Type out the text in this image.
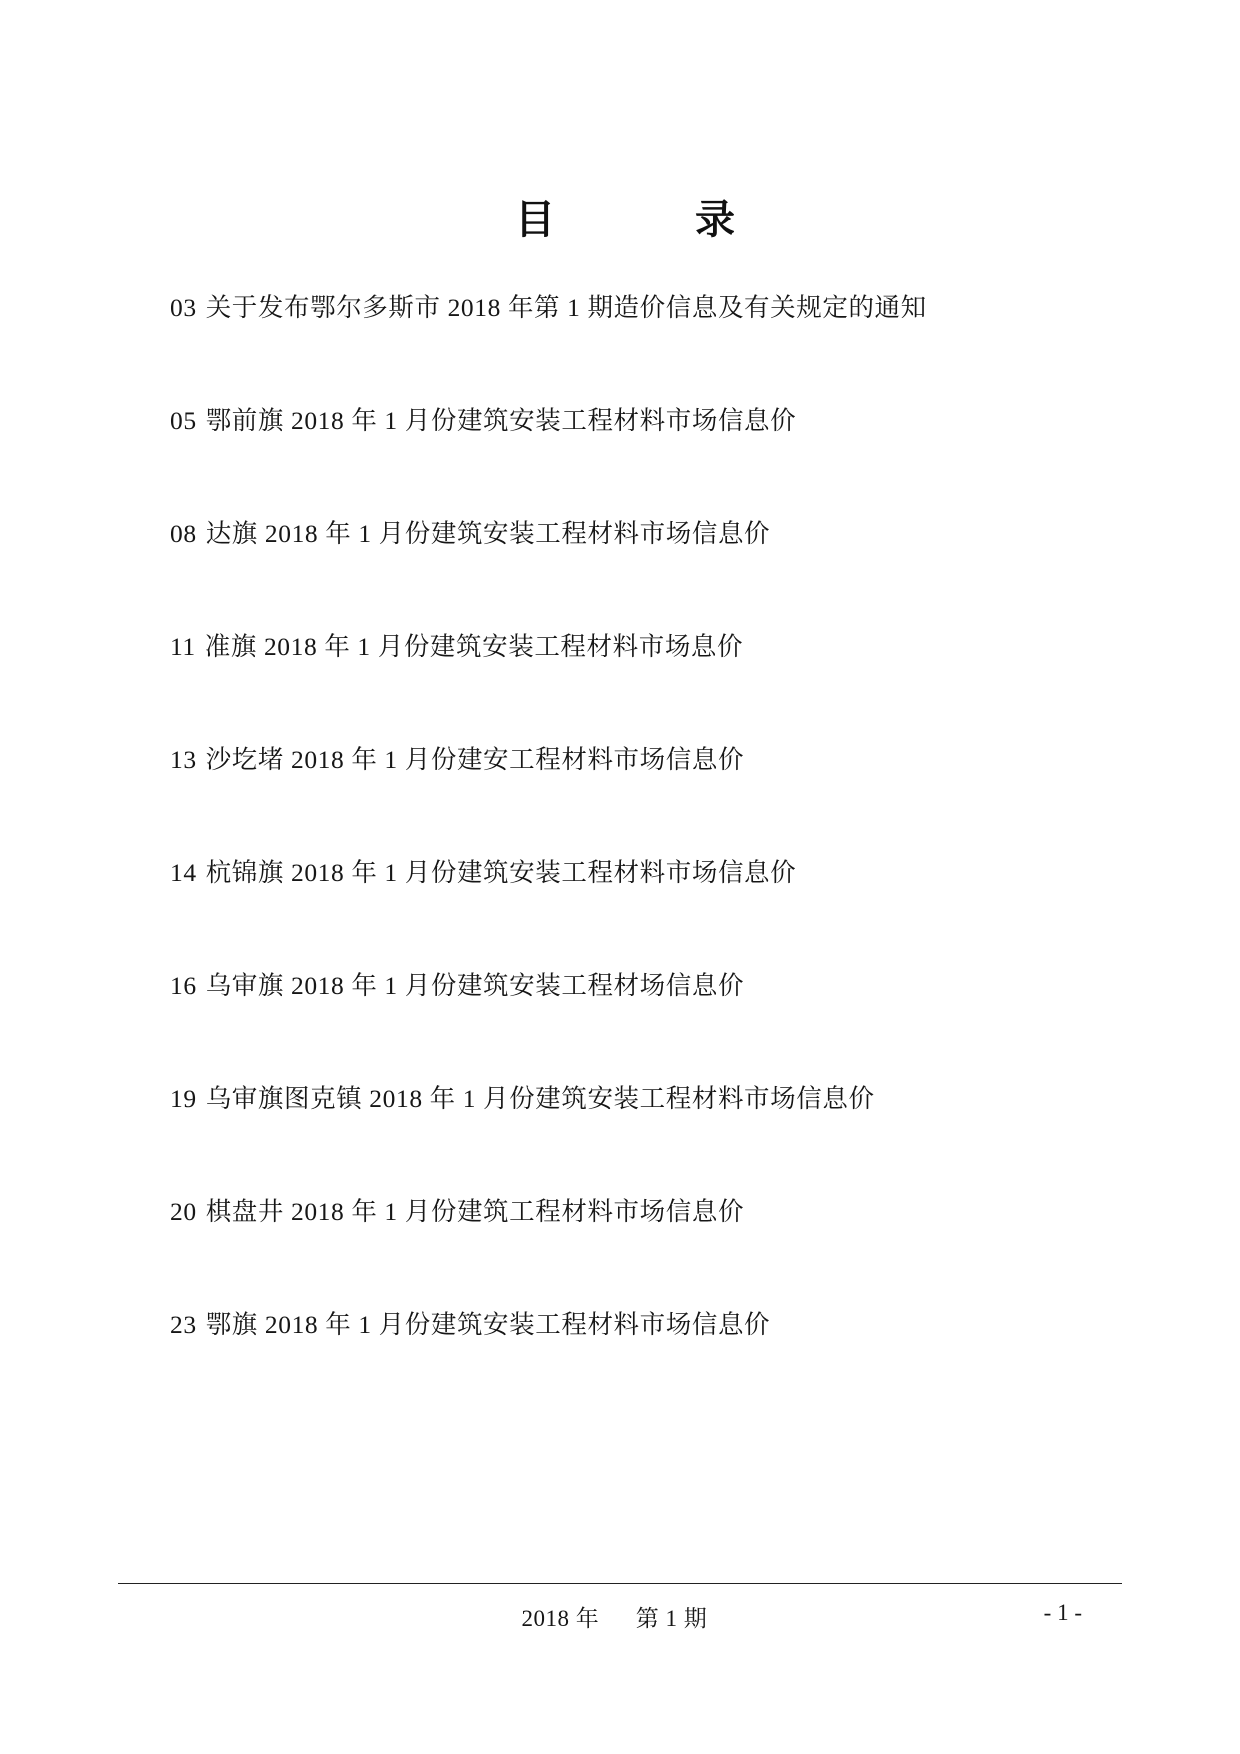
目　　录
03 关于发布鄂尔多斯市 2018 年第 1 期造价信息及有关规定的通知
05 鄂前旗 2018 年 1 月份建筑安装工程材料市场信息价
08 达旗 2018 年 1 月份建筑安装工程材料市场信息价
11 准旗 2018 年 1 月份建筑安装工程材料市场息价
13 沙圪堵 2018 年 1 月份建安工程材料市场信息价
14 杭锦旗 2018 年 1 月份建筑安装工程材料市场信息价
16 乌审旗 2018 年 1 月份建筑安装工程材场信息价
19 乌审旗图克镇 2018 年 1 月份建筑安装工程材料市场信息价
20 棋盘井 2018 年 1 月份建筑工程材料市场信息价
23 鄂旗 2018 年 1 月份建筑安装工程材料市场信息价
2018 年 第 1 期	- 1 -
